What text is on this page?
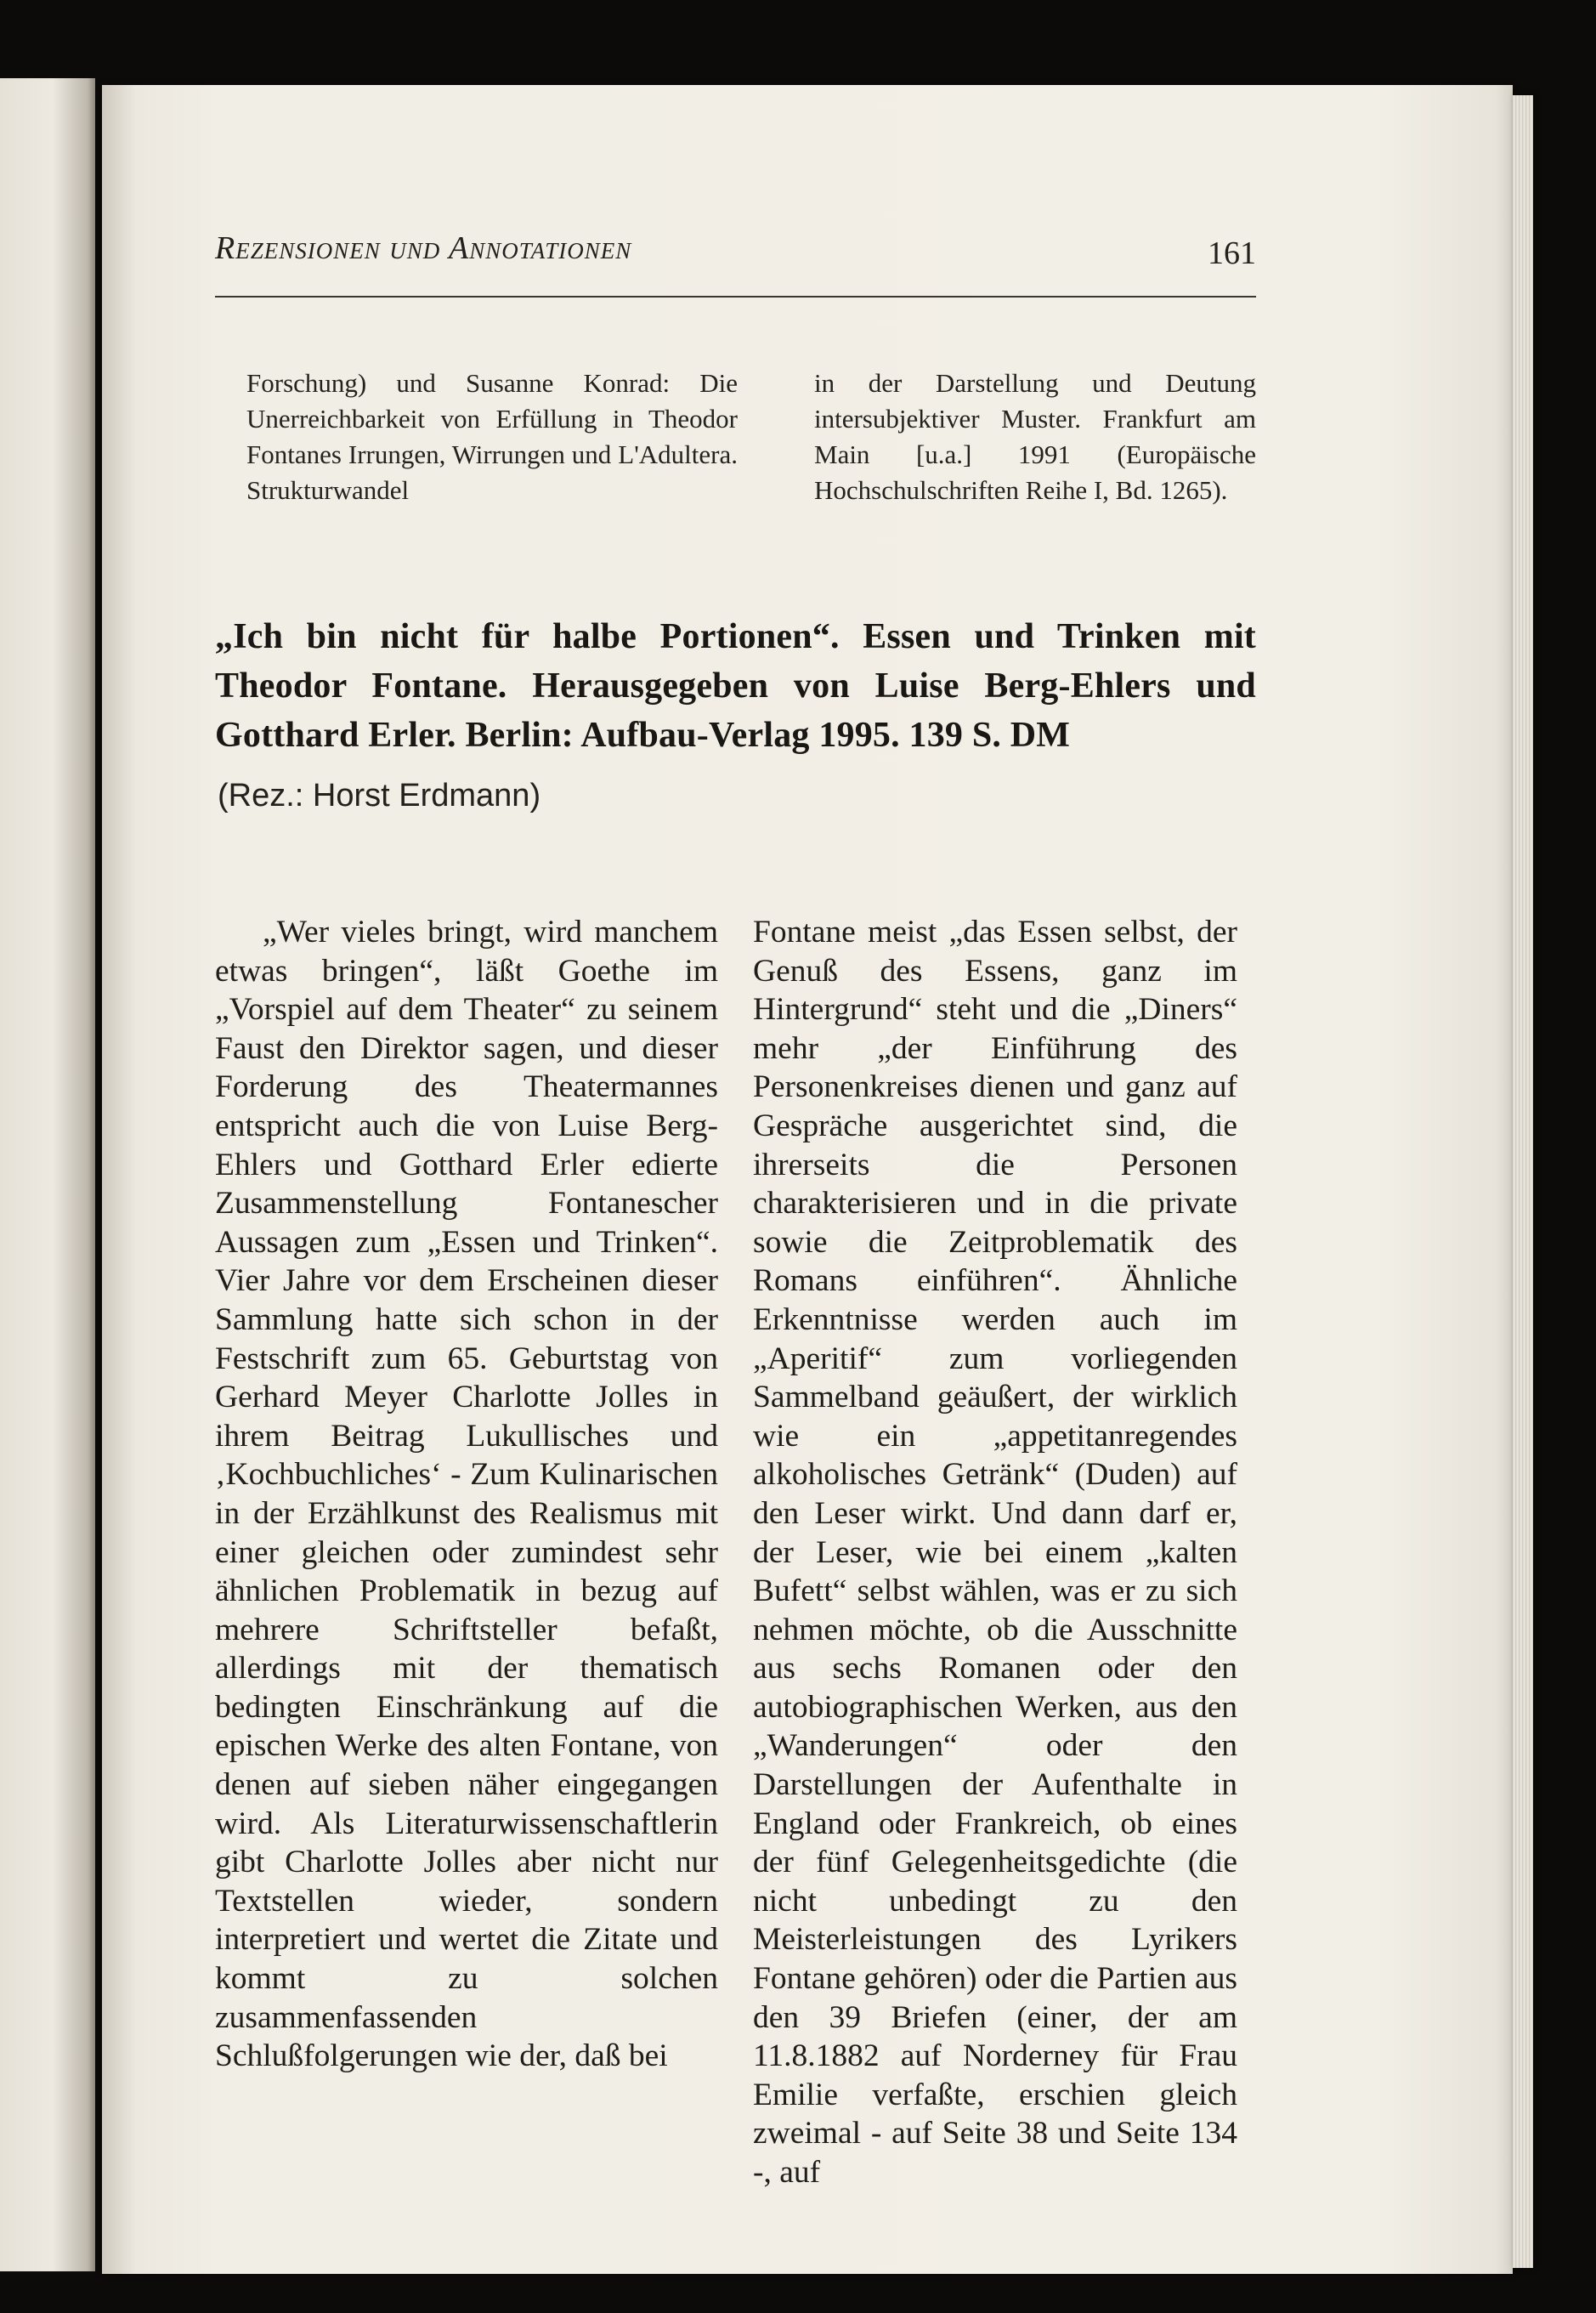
Rezensionen und Annotationen	161

Forschung) und Susanne Konrad: Die Unerreichbarkeit von Erfüllung in Theodor Fontanes Irrungen, Wirrungen und L'Adultera. Strukturwandel

in der Darstellung und Deutung intersubjektiver Muster. Frankfurt am Main [u.a.] 1991 (Europäische Hochschulschriften Reihe I, Bd. 1265).

„Ich bin nicht für halbe Portionen“. Essen und Trinken mit Theodor Fontane. Herausgegeben von Luise Berg-Ehlers und Gotthard Erler. Berlin: Aufbau-Verlag 1995. 139 S. DM

(Rez.: Horst Erdmann)

„Wer vieles bringt, wird manchem etwas bringen“, läßt Goethe im „Vorspiel auf dem Theater“ zu seinem Faust den Direktor sagen, und dieser Forderung des Theatermannes entspricht auch die von Luise Berg-Ehlers und Gotthard Erler edierte Zusammenstellung Fontanescher Aussagen zum „Essen und Trinken“. Vier Jahre vor dem Erscheinen dieser Sammlung hatte sich schon in der Festschrift zum 65. Geburtstag von Gerhard Meyer Charlotte Jolles in ihrem Beitrag Lukullisches und ‚Kochbuchliches‘ - Zum Kulinarischen in der Erzählkunst des Realismus mit einer gleichen oder zumindest sehr ähnlichen Problematik in bezug auf mehrere Schriftsteller befaßt, allerdings mit der thematisch bedingten Einschränkung auf die epischen Werke des alten Fontane, von denen auf sieben näher eingegangen wird. Als Literaturwissenschaftlerin gibt Charlotte Jolles aber nicht nur Textstellen wieder, sondern interpretiert und wertet die Zitate und kommt zu solchen zusammenfassenden Schlußfolgerungen wie der, daß bei

Fontane meist „das Essen selbst, der Genuß des Essens, ganz im Hintergrund“ steht und die „Diners“ mehr „der Einführung des Personenkreises dienen und ganz auf Gespräche ausgerichtet sind, die ihrerseits die Personen charakterisieren und in die private sowie die Zeitproblematik des Romans einführen“. Ähnliche Erkenntnisse werden auch im „Aperitif“ zum vorliegenden Sammelband geäußert, der wirklich wie ein „appetitanregendes alkoholisches Getränk“ (Duden) auf den Leser wirkt. Und dann darf er, der Leser, wie bei einem „kalten Bufett“ selbst wählen, was er zu sich nehmen möchte, ob die Ausschnitte aus sechs Romanen oder den autobiographischen Werken, aus den „Wanderungen“ oder den Darstellungen der Aufenthalte in England oder Frankreich, ob eines der fünf Gelegenheitsgedichte (die nicht unbedingt zu den Meisterleistungen des Lyrikers Fontane gehören) oder die Partien aus den 39 Briefen (einer, der am 11.8.1882 auf Norderney für Frau Emilie verfaßte, erschien gleich zweimal - auf Seite 38 und Seite 134 -, auf
